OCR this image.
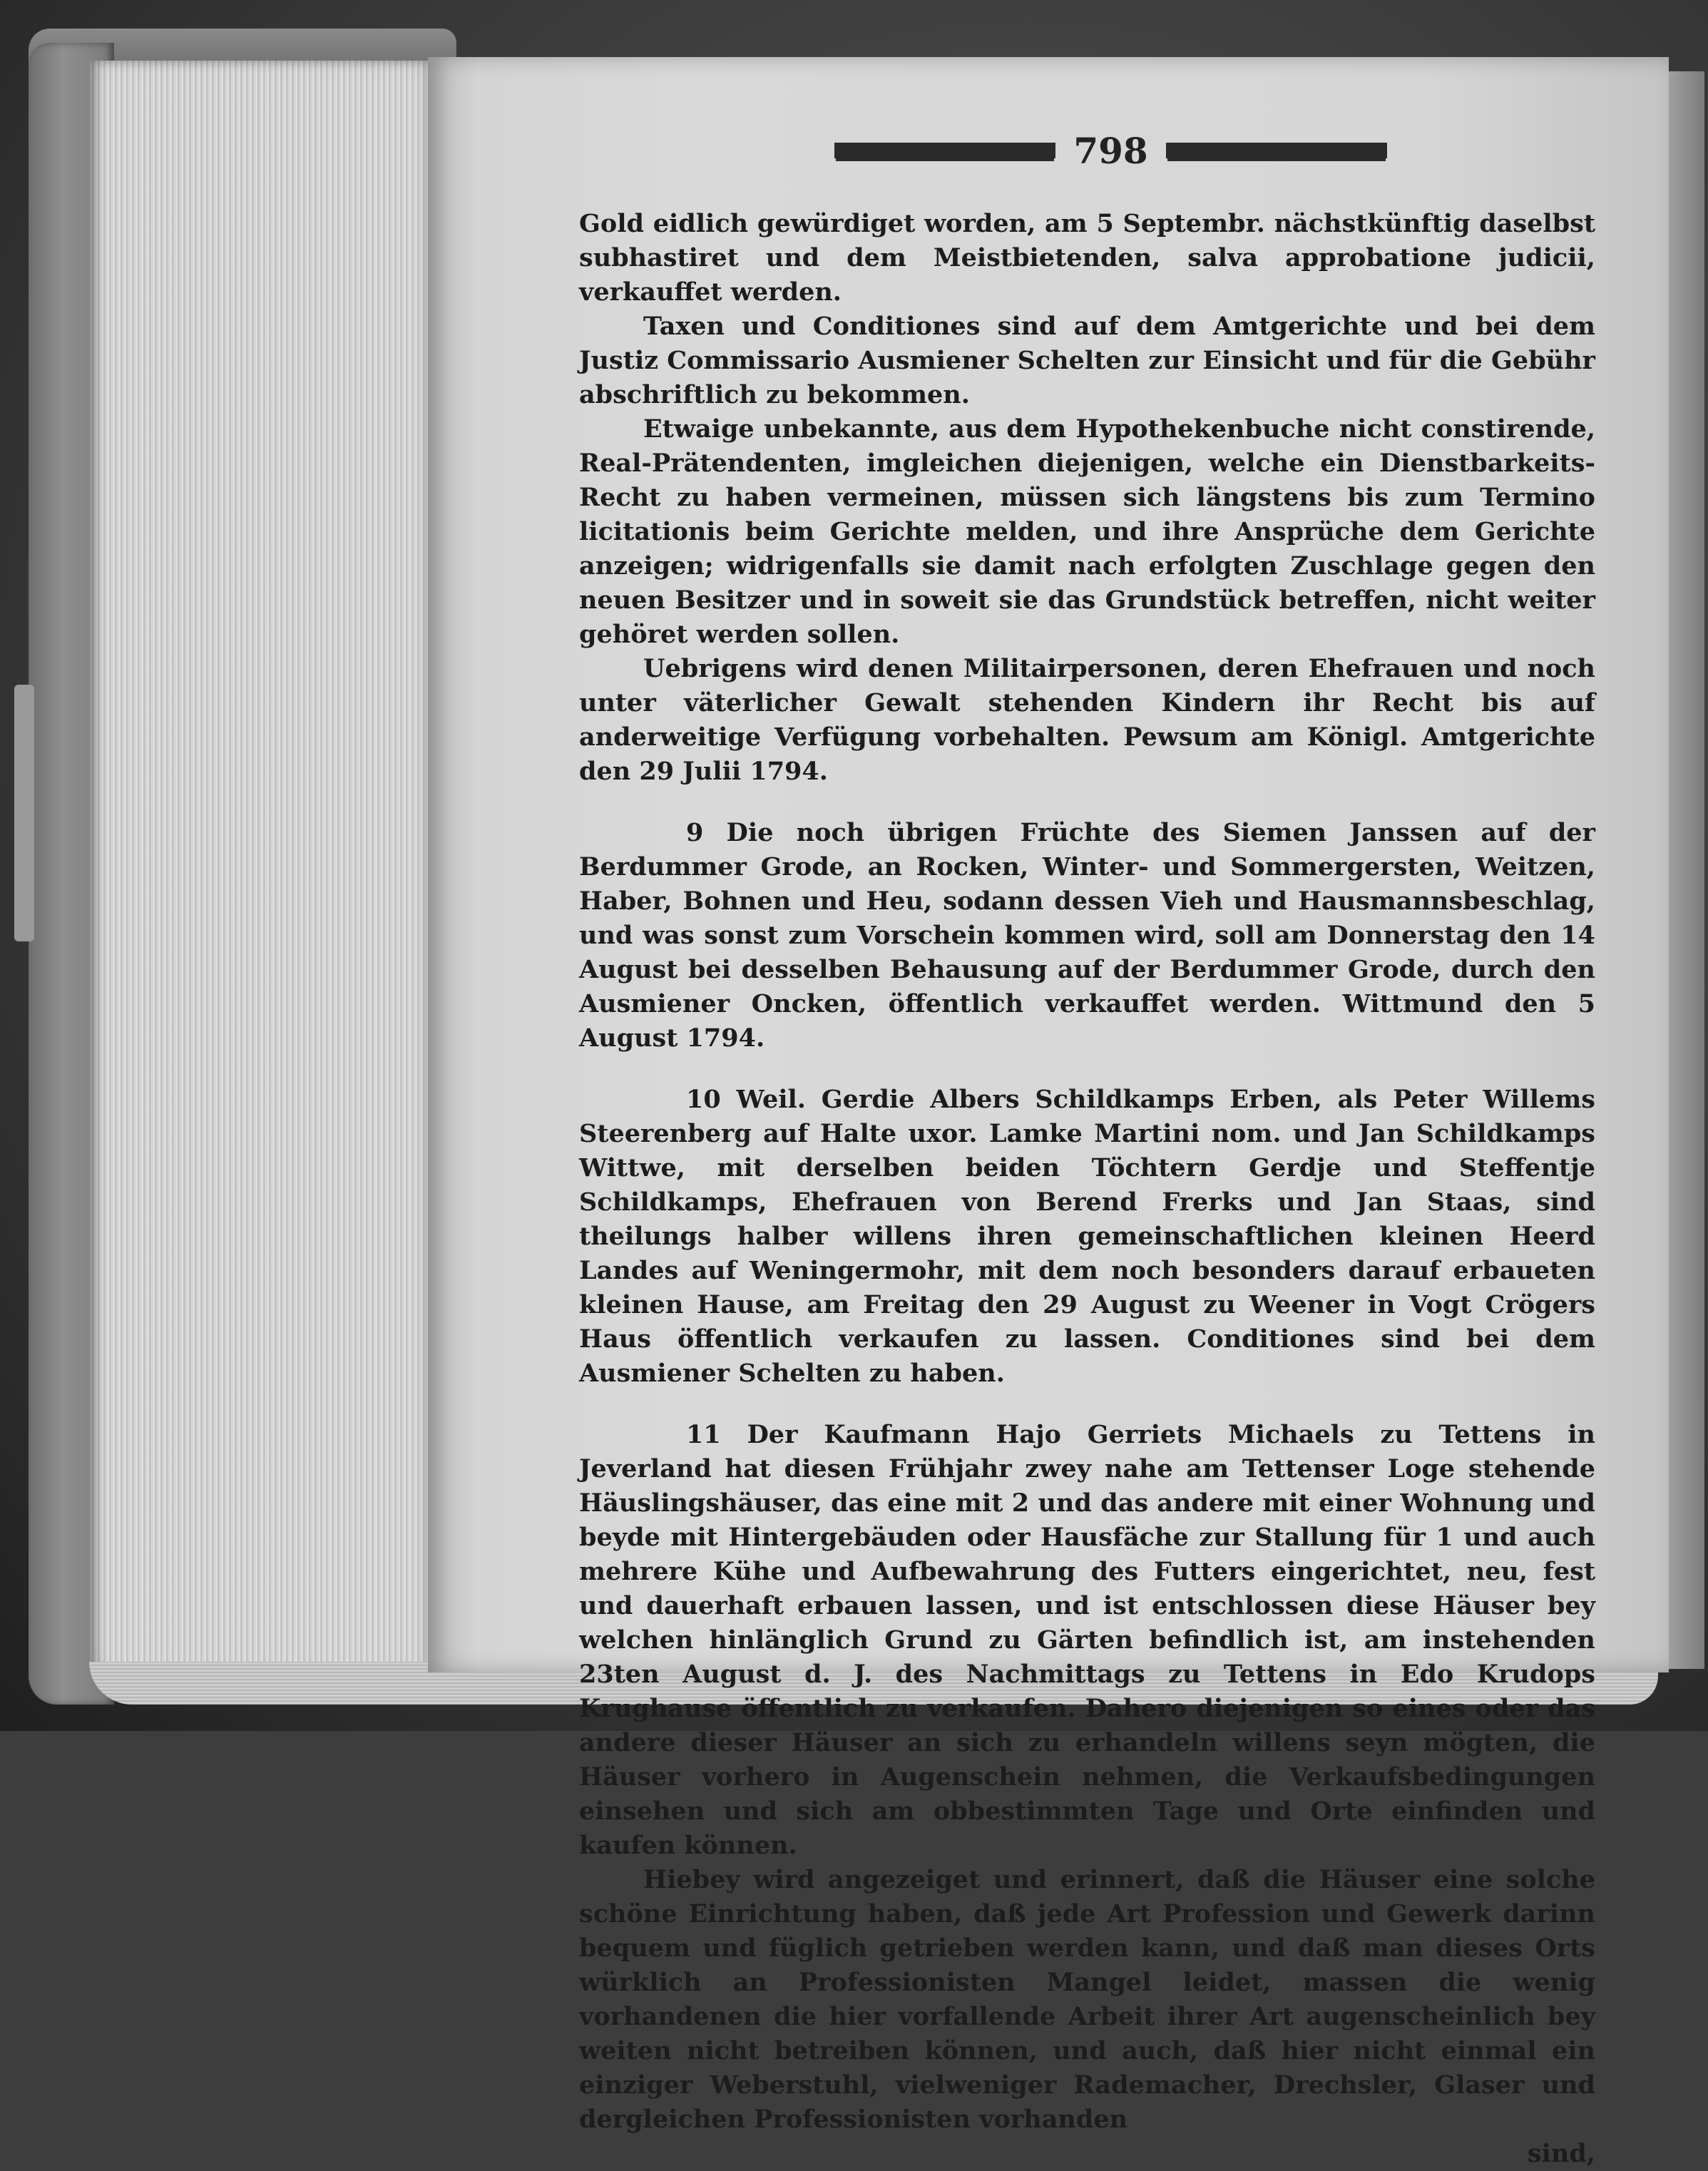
798

Gold eidlich gewürdiget worden, am 5 Septembr. nächstkünftig daselbst subhastiret und dem Meistbietenden, salva approbatione judicii, verkauffet werden.

Taxen und Conditiones sind auf dem Amtgerichte und bei dem Justiz Commissario Ausmiener Schelten zur Einsicht und für die Gebühr abschriftlich zu bekommen.

Etwaige unbekannte, aus dem Hypothekenbuche nicht constirende, Real-Prätendenten, imgleichen diejenigen, welche ein Dienstbarkeits-Recht zu haben vermeinen, müssen sich längstens bis zum Termino licitationis beim Gerichte melden, und ihre Ansprüche dem Gerichte anzeigen; widrigenfalls sie damit nach erfolgten Zuschlage gegen den neuen Besitzer und in soweit sie das Grundstück betreffen, nicht weiter gehöret werden sollen.

Uebrigens wird denen Militairpersonen, deren Ehefrauen und noch unter väterlicher Gewalt stehenden Kindern ihr Recht bis auf anderweitige Verfügung vorbehalten. Pewsum am Königl. Amtgerichte den 29 Julii 1794.

9 Die noch übrigen Früchte des Siemen Janssen auf der Berdummer Grode, an Rocken, Winter- und Sommergersten, Weitzen, Haber, Bohnen und Heu, sodann dessen Vieh und Hausmannsbeschlag, und was sonst zum Vorschein kommen wird, soll am Donnerstag den 14 August bei desselben Behausung auf der Berdummer Grode, durch den Ausmiener Oncken, öffentlich verkauffet werden. Wittmund den 5 August 1794.

10 Weil. Gerdie Albers Schildkamps Erben, als Peter Willems Steerenberg auf Halte uxor. Lamke Martini nom. und Jan Schildkamps Wittwe, mit derselben beiden Töchtern Gerdje und Steffentje Schildkamps, Ehefrauen von Berend Frerks und Jan Staas, sind theilungs halber willens ihren gemeinschaftlichen kleinen Heerd Landes auf Weningermohr, mit dem noch besonders darauf erbaueten kleinen Hause, am Freitag den 29 August zu Weener in Vogt Crögers Haus öffentlich verkaufen zu lassen. Conditiones sind bei dem Ausmiener Schelten zu haben.

11 Der Kaufmann Hajo Gerriets Michaels zu Tettens in Jeverland hat diesen Frühjahr zwey nahe am Tettenser Loge stehende Häuslingshäuser, das eine mit 2 und das andere mit einer Wohnung und beyde mit Hintergebäuden oder Hausfäche zur Stallung für 1 und auch mehrere Kühe und Aufbewahrung des Futters eingerichtet, neu, fest und dauerhaft erbauen lassen, und ist entschlossen diese Häuser bey welchen hinlänglich Grund zu Gärten befindlich ist, am instehenden 23ten August d. J. des Nachmittags zu Tettens in Edo Krudops Krughause öffentlich zu verkaufen. Dahero diejenigen so eines oder das andere dieser Häuser an sich zu erhandeln willens seyn mögten, die Häuser vorhero in Augenschein nehmen, die Verkaufsbedingungen einsehen und sich am obbestimmten Tage und Orte einfinden und kaufen können.

Hiebey wird angezeiget und erinnert, daß die Häuser eine solche schöne Einrichtung haben, daß jede Art Profession und Gewerk darinn bequem und füglich getrieben werden kann, und daß man dieses Orts würklich an Professionisten Mangel leidet, massen die wenig vorhandenen die hier vorfallende Arbeit ihrer Art augenscheinlich bey weiten nicht betreiben können, und auch, daß hier nicht einmal ein einziger Weberstuhl, vielweniger Rademacher, Drechsler, Glaser und dergleichen Professionisten vorhanden

sind,
